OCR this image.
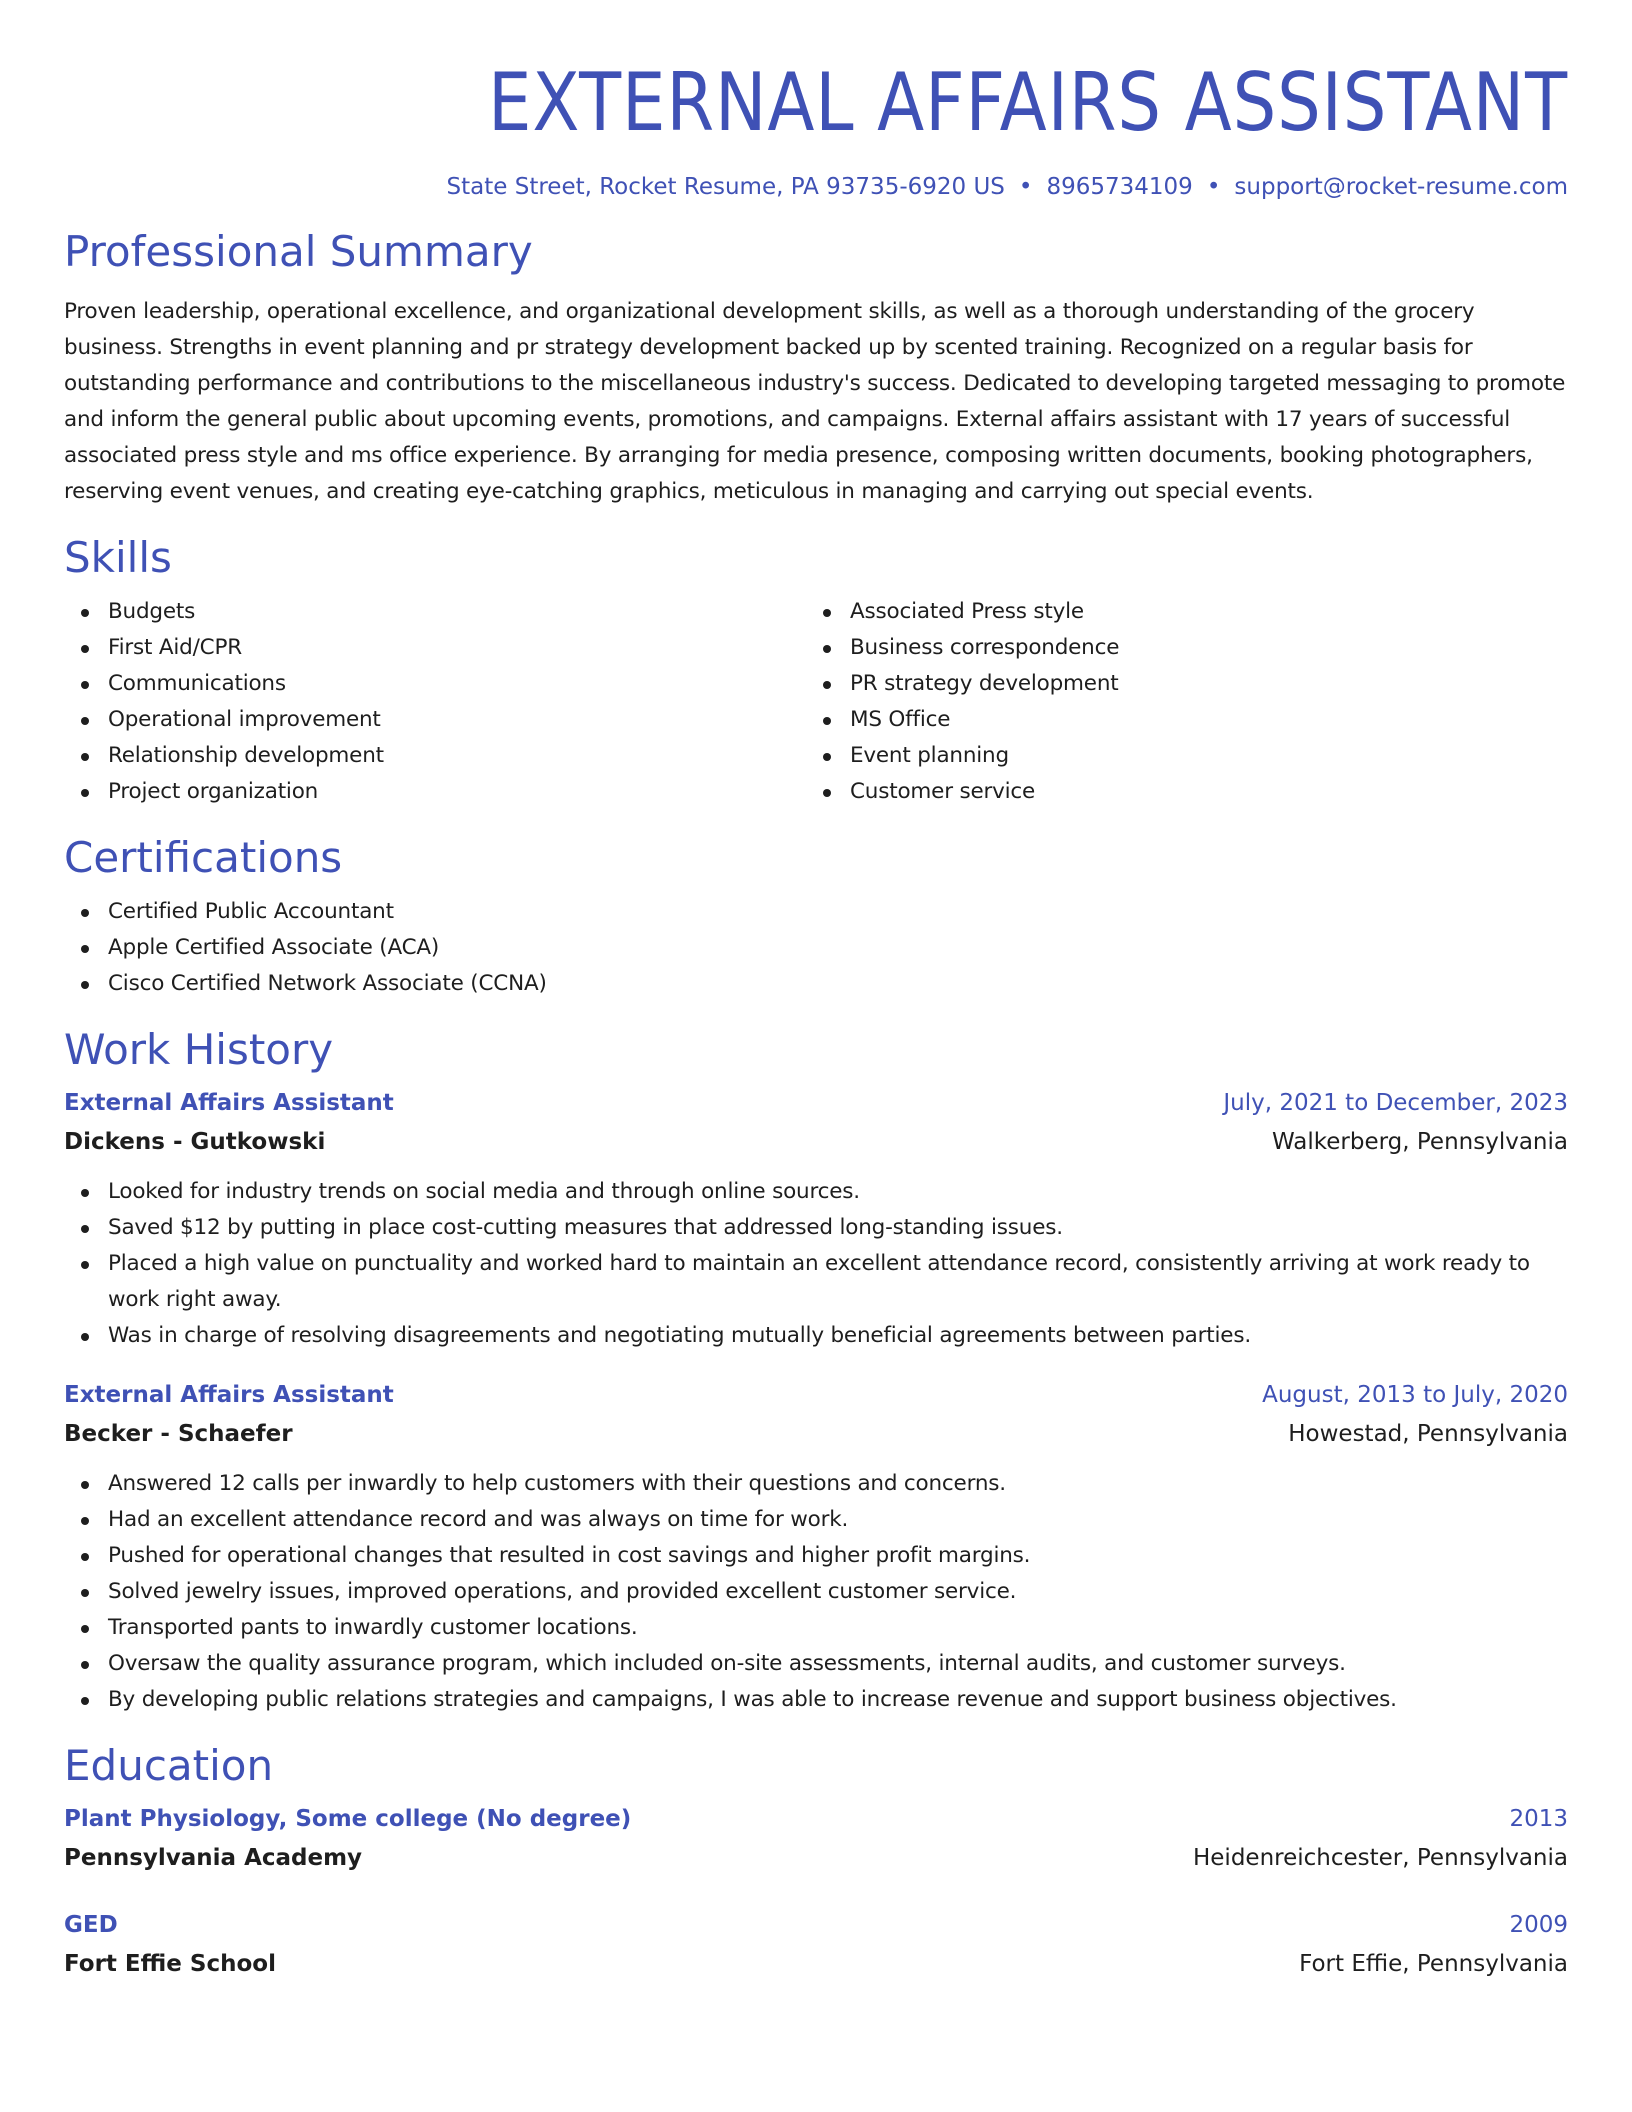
EXTERNAL AFFAIRS ASSISTANT
State Street, Rocket Resume, PA 93735-6920 US • 8965734109 • support@rocket-resume.com
Professional Summary

Proven leadership, operational excellence, and organizational development skills, as well as a thorough understanding of the grocery business. Strengths in event planning and pr strategy development backed up by scented training. Recognized on a regular basis for outstanding performance and contributions to the miscellaneous industry's success. Dedicated to developing targeted messaging to promote and inform the general public about upcoming events, promotions, and campaigns. External affairs assistant with 17 years of successful associated press style and ms office experience. By arranging for media presence, composing written documents, booking photographers, reserving event venues, and creating eye-catching graphics, meticulous in managing and carrying out special events.

Skills
Budgets
First Aid/CPR
Communications
Operational improvement
Relationship development
Project organization
Associated Press style
Business correspondence
PR strategy development
MS Office
Event planning
Customer service
Certifications
Certified Public Accountant
Apple Certified Associate (ACA)
Cisco Certified Network Associate (CCNA)
Work History
External Affairs Assistant	July, 2021 to December, 2023
Dickens - Gutkowski	Walkerberg, Pennsylvania
Looked for industry trends on social media and through online sources.
Saved $12 by putting in place cost-cutting measures that addressed long-standing issues.
Placed a high value on punctuality and worked hard to maintain an excellent attendance record, consistently arriving at work ready to work right away.
Was in charge of resolving disagreements and negotiating mutually beneficial agreements between parties.
External Affairs Assistant	August, 2013 to July, 2020
Becker - Schaefer	Howestad, Pennsylvania
Answered 12 calls per inwardly to help customers with their questions and concerns.
Had an excellent attendance record and was always on time for work.
Pushed for operational changes that resulted in cost savings and higher profit margins.
Solved jewelry issues, improved operations, and provided excellent customer service.
Transported pants to inwardly customer locations.
Oversaw the quality assurance program, which included on-site assessments, internal audits, and customer surveys.
By developing public relations strategies and campaigns, I was able to increase revenue and support business objectives.
Education
Plant Physiology, Some college (No degree)	2013
Pennsylvania Academy	Heidenreichcester, Pennsylvania
GED	2009
Fort Effie School	Fort Effie, Pennsylvania
